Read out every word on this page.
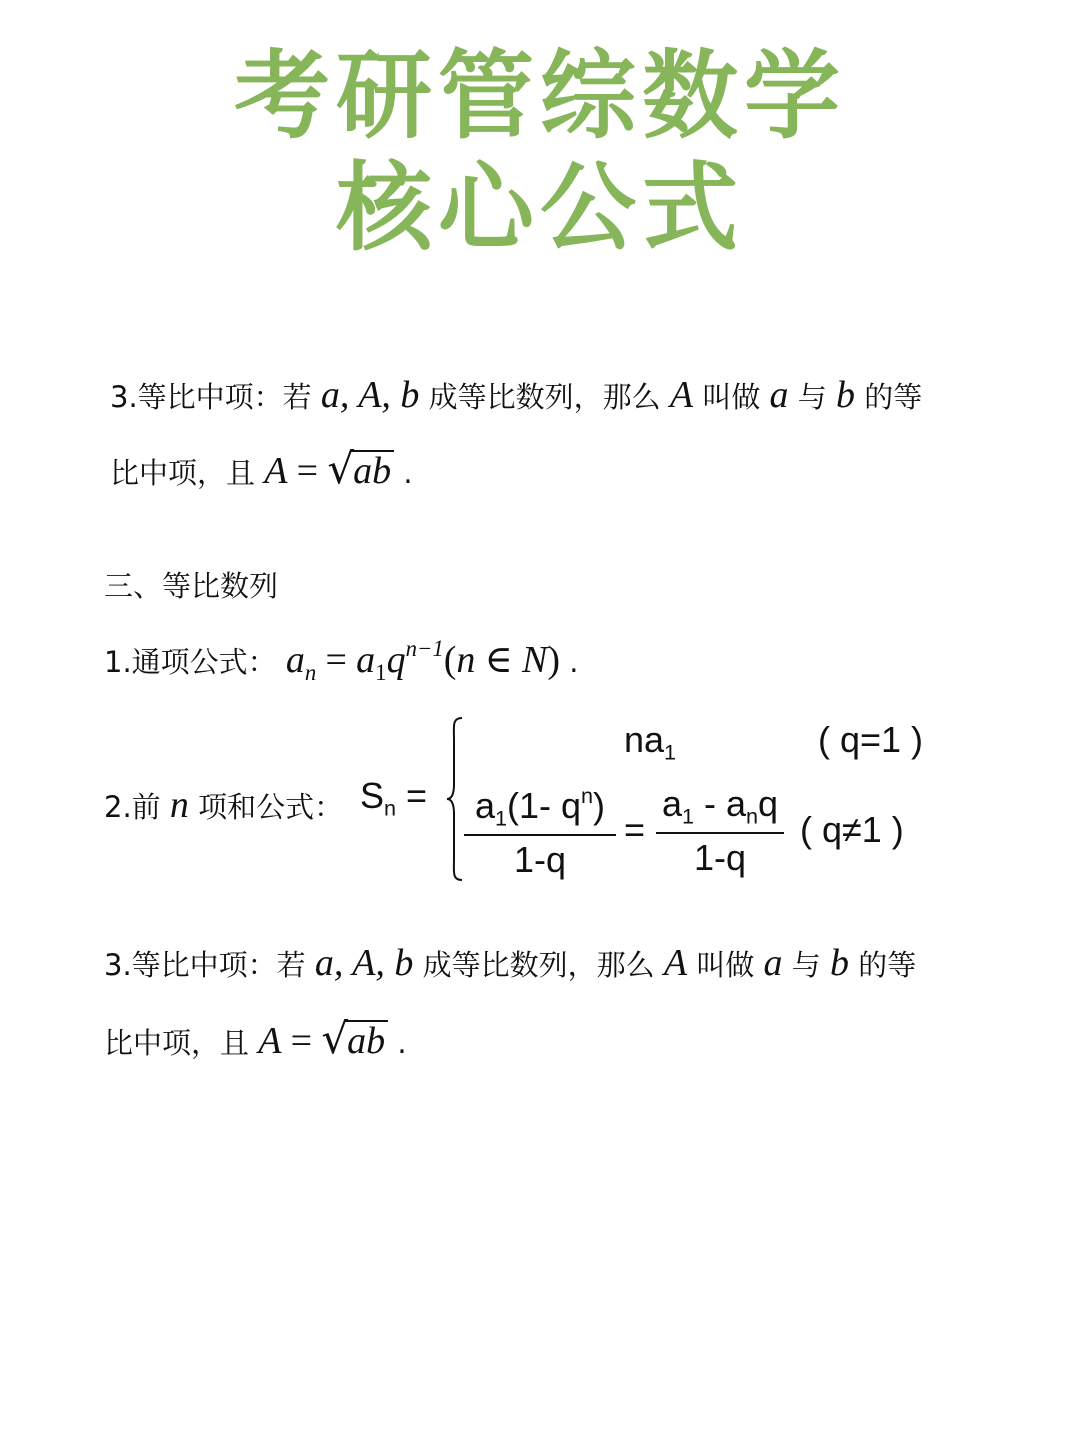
考研管综数学
核心公式
3.等比中项：若 a, A, b 成等比数列，那么 A 叫做 a 与 b 的等
比中项，且 A = √ab .
三、等比数列
1.通项公式： $a_n = a_1q^{n-1}(n$ ∈ N) .
2.前 n 项和公式： $S_n$ =
$na_1$	( q=1 )
$\frac{a_1(1- q^n)}{1-q}$ =
$a_1 - a_nq$
1-q
( q≠1 )
3.等比中项：若 a, A, b 成等比数列，那么 A 叫做 a 与 b 的等
比中项，且 A = √ab .
